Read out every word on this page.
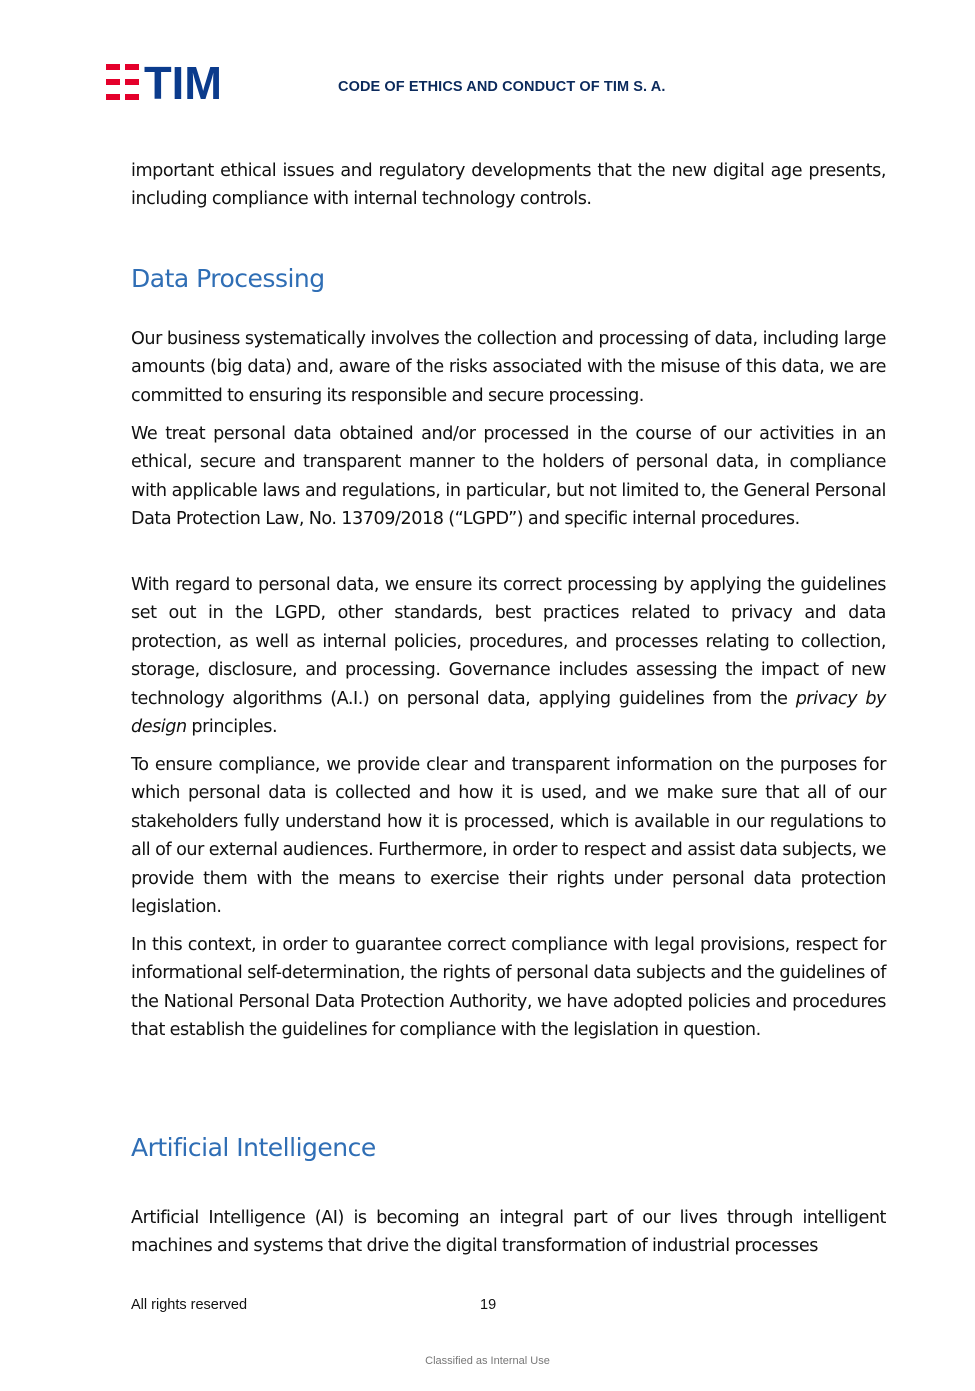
TIM	CODE OF ETHICS AND CONDUCT OF TIM S. A.

important ethical issues and regulatory developments that the new digital age presents, including compliance with internal technology controls.

Data Processing

Our business systematically involves the collection and processing of data, including large amounts (big data) and, aware of the risks associated with the misuse of this data, we are committed to ensuring its responsible and secure processing.

We treat personal data obtained and/or processed in the course of our activities in an ethical, secure and transparent manner to the holders of personal data, in compliance with applicable laws and regulations, in particular, but not limited to, the General Personal Data Protection Law, No. 13709/2018 (“LGPD”) and specific internal procedures.

With regard to personal data, we ensure its correct processing by applying the guidelines set out in the LGPD, other standards, best practices related to privacy and data protection, as well as internal policies, procedures, and processes relating to collection, storage, disclosure, and processing. Governance includes assessing the impact of new technology algorithms (A.I.) on personal data, applying guidelines from the privacy by design principles.

To ensure compliance, we provide clear and transparent information on the purposes for which personal data is collected and how it is used, and we make sure that all of our stakeholders fully understand how it is processed, which is available in our regulations to all of our external audiences. Furthermore, in order to respect and assist data subjects, we provide them with the means to exercise their rights under personal data protection legislation.

In this context, in order to guarantee correct compliance with legal provisions, respect for informational self-determination, the rights of personal data subjects and the guidelines of the National Personal Data Protection Authority, we have adopted policies and procedures that establish the guidelines for compliance with the legislation in question.

Artificial Intelligence

Artificial Intelligence (AI) is becoming an integral part of our lives through intelligent machines and systems that drive the digital transformation of industrial processes

All rights reserved	19
Classified as Internal Use
